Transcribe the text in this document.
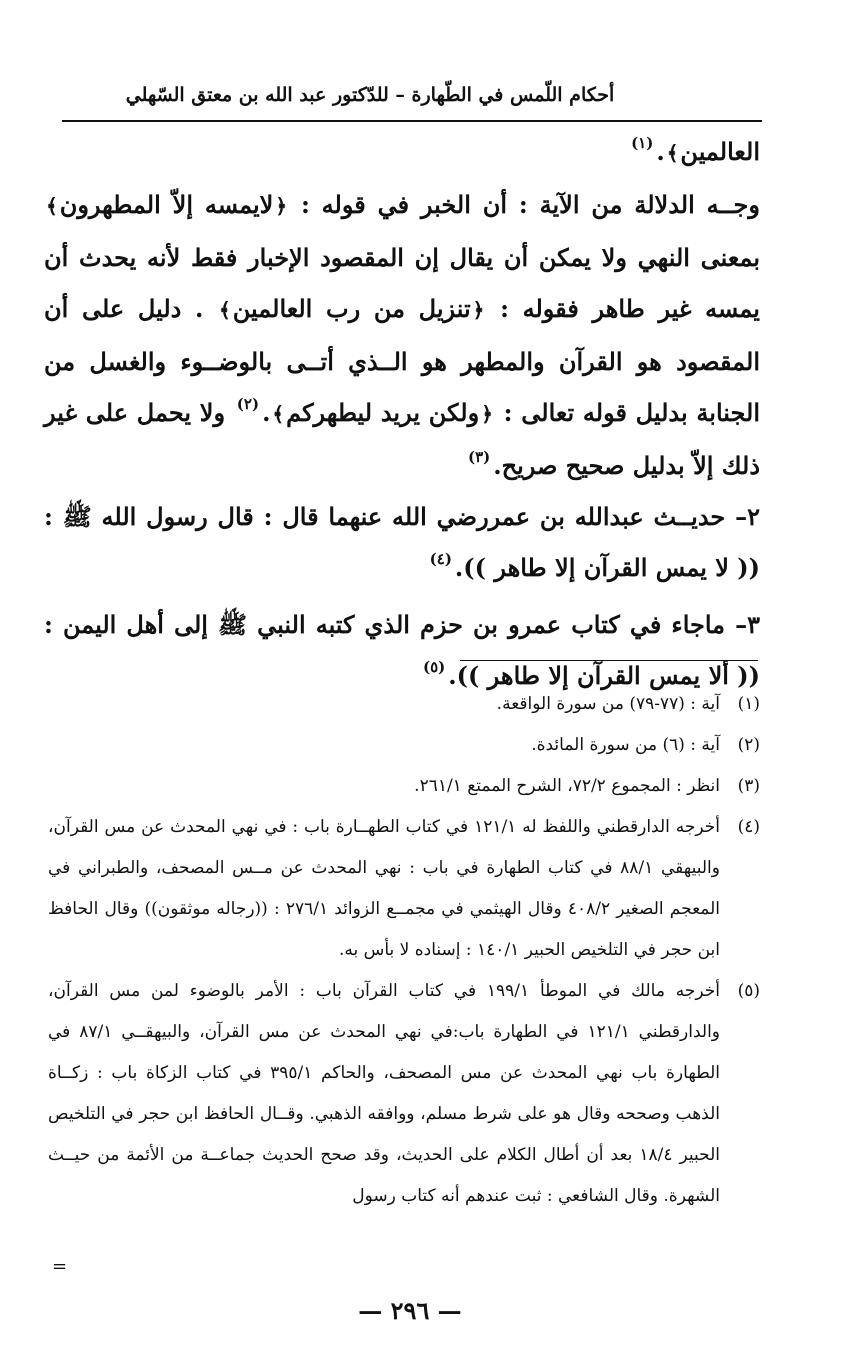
أحكام اللّمس في الطّهارة – للدّكتور عبد الله بن معتق السّهلي

العالمين﴾.$^{(١)}$

وجــه الدلالة من الآية : أن الخبر في قوله : ﴿لايمسه إلاّ المطهرون﴾ بمعنى النهي ولا يمكن أن يقال إن المقصود الإخبار فقط لأنه يحدث أن يمسه غير طاهر فقوله : ﴿تنزيل من رب العالمين﴾ . دليل على أن المقصود هو القرآن والمطهر هو الــذي أتــى بالوضــوء والغسل من الجنابة بدليل قوله تعالى : ﴿ولكن يريد ليطهركم﴾.$^{(٢)}$ ولا يحمل على غير ذلك إلاّ بدليل صحيح صريح.$^{(٣)}$

٢– حديــث عبدالله بن عمررضي الله عنهما قال : قال رسول الله ﷺ : (( لا يمس القرآن إلا طاهر )).$^{(٤)}$

٣– ماجاء في كتاب عمرو بن حزم الذي كتبه النبي ﷺ إلى أهل اليمن : (( ألا يمس القرآن إلا طاهر )).$^{(٥)}$

(١)
آية : (٧٧-٧٩) من سورة الواقعة.
(٢)
آية : (٦) من سورة المائدة.
(٣)
انظر : المجموع ٧٢/٢، الشرح الممتع ٢٦١/١.
(٤)
أخرجه الدارقطني واللفظ له ١٢١/١ في كتاب الطهــارة باب : في نهي المحدث عن مس القرآن، والبيهقي ٨٨/١ في كتاب الطهارة في باب : نهي المحدث عن مــس المصحف، والطبراني في المعجم الصغير ٤٠٨/٢ وقال الهيثمي في مجمــع الزوائد ٢٧٦/١ : ((رجاله موثقون)) وقال الحافظ ابن حجر في التلخيص الحبير ١٤٠/١ : إسناده لا بأس به.
(٥)
أخرجه مالك في الموطأ ١٩٩/١ في كتاب القرآن باب : الأمر بالوضوء لمن مس القرآن، والدارقطني ١٢١/١ في الطهارة باب:في نهي المحدث عن مس القرآن، والبيهقــي ٨٧/١ في الطهارة باب نهي المحدث عن مس المصحف، والحاكم ٣٩٥/١ في كتاب الزكاة باب : زكــاة الذهب وصححه وقال هو على شرط مسلم، ووافقه الذهبي. وقــال الحافظ ابن حجر في التلخيص الحبير ١٨/٤ بعد أن أطال الكلام على الحديث، وقد صحح الحديث جماعــة من الأئمة من حيــث الشهرة. وقال الشافعي : ثبت عندهم أنه كتاب رسول
=
— ٢٩٦ —
